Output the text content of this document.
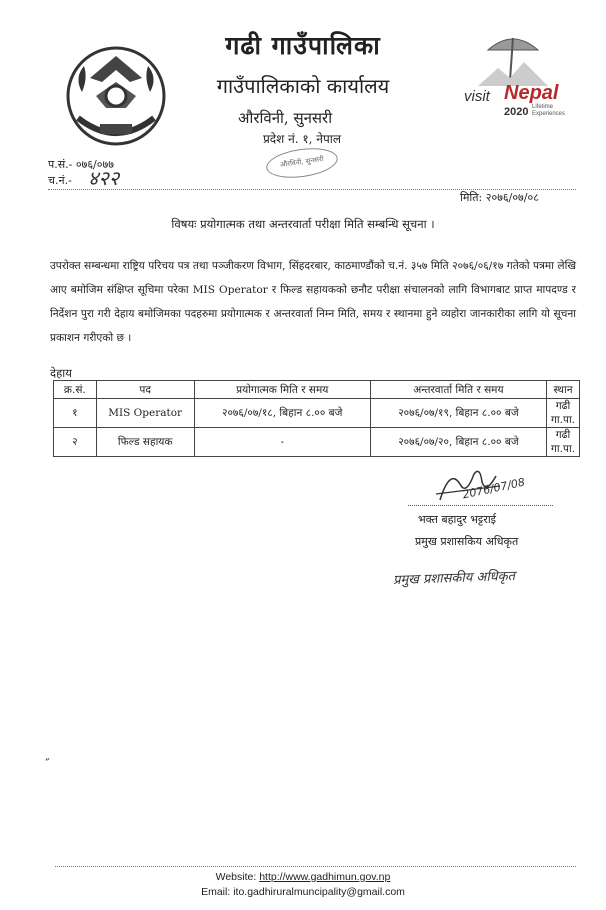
visit Nepal
2020 Lifetime Experiences
गढी गाउँपालिका
गाउँपालिकाको कार्यालय
औरविनी, सुनसरी
प्रदेश नं. १, नेपाल
औरविनी, सुनसरी
प.सं.- ०७६/०७७
च.नं.- ४२२
मिति: २०७६/०७/०८
विषयः प्रयोगात्मक तथा अन्तरवार्ता परीक्षा मिति सम्बन्धि सूचना ।
उपरोक्त सम्बन्धमा राष्ट्रिय परिचय पत्र तथा पञ्जीकरण विभाग, सिंहदरबार, काठमाण्डौंको च.नं. ३५७ मिति २०७६/०६/१७ गतेको पत्रमा लेखि आए बमोजिम संक्षिप्त सूचिमा परेका MIS Operator र फिल्ड सहायकको छनौट परीक्षा संचालनको लागि विभागबाट प्राप्त मापदण्ड र निर्देशन पुरा गरी देहाय बमोजिमका पदहरुमा प्रयोगात्मक र अन्तरवार्ता निम्न मिति, समय र स्थानमा हुने व्यहोरा जानकारीका लागि यो सूचना प्रकाशन गरीएको छ ।
देहाय
क्र.सं.	पद	प्रयोगात्मक मिति र समय	अन्तरवार्ता मिति र समय	स्थान
१	MIS Operator	२०७६/०७/१८, बिहान ८.०० बजे	२०७६/०७/१९, बिहान ८.०० बजे	गढी गा.पा.
२	फिल्ड सहायक	-	२०७६/०७/२०, बिहान ८.०० बजे	गढी गा.पा.
2076/07/08
भक्त बहादुर भट्टराई
प्रमुख प्रशासकिय अधिकृत
प्रमुख प्रशासकीय अधिकृत
˝
Website: http://www.gadhimun.gov.np
Email: ito.gadhiruralmuncipality@gmail.com
